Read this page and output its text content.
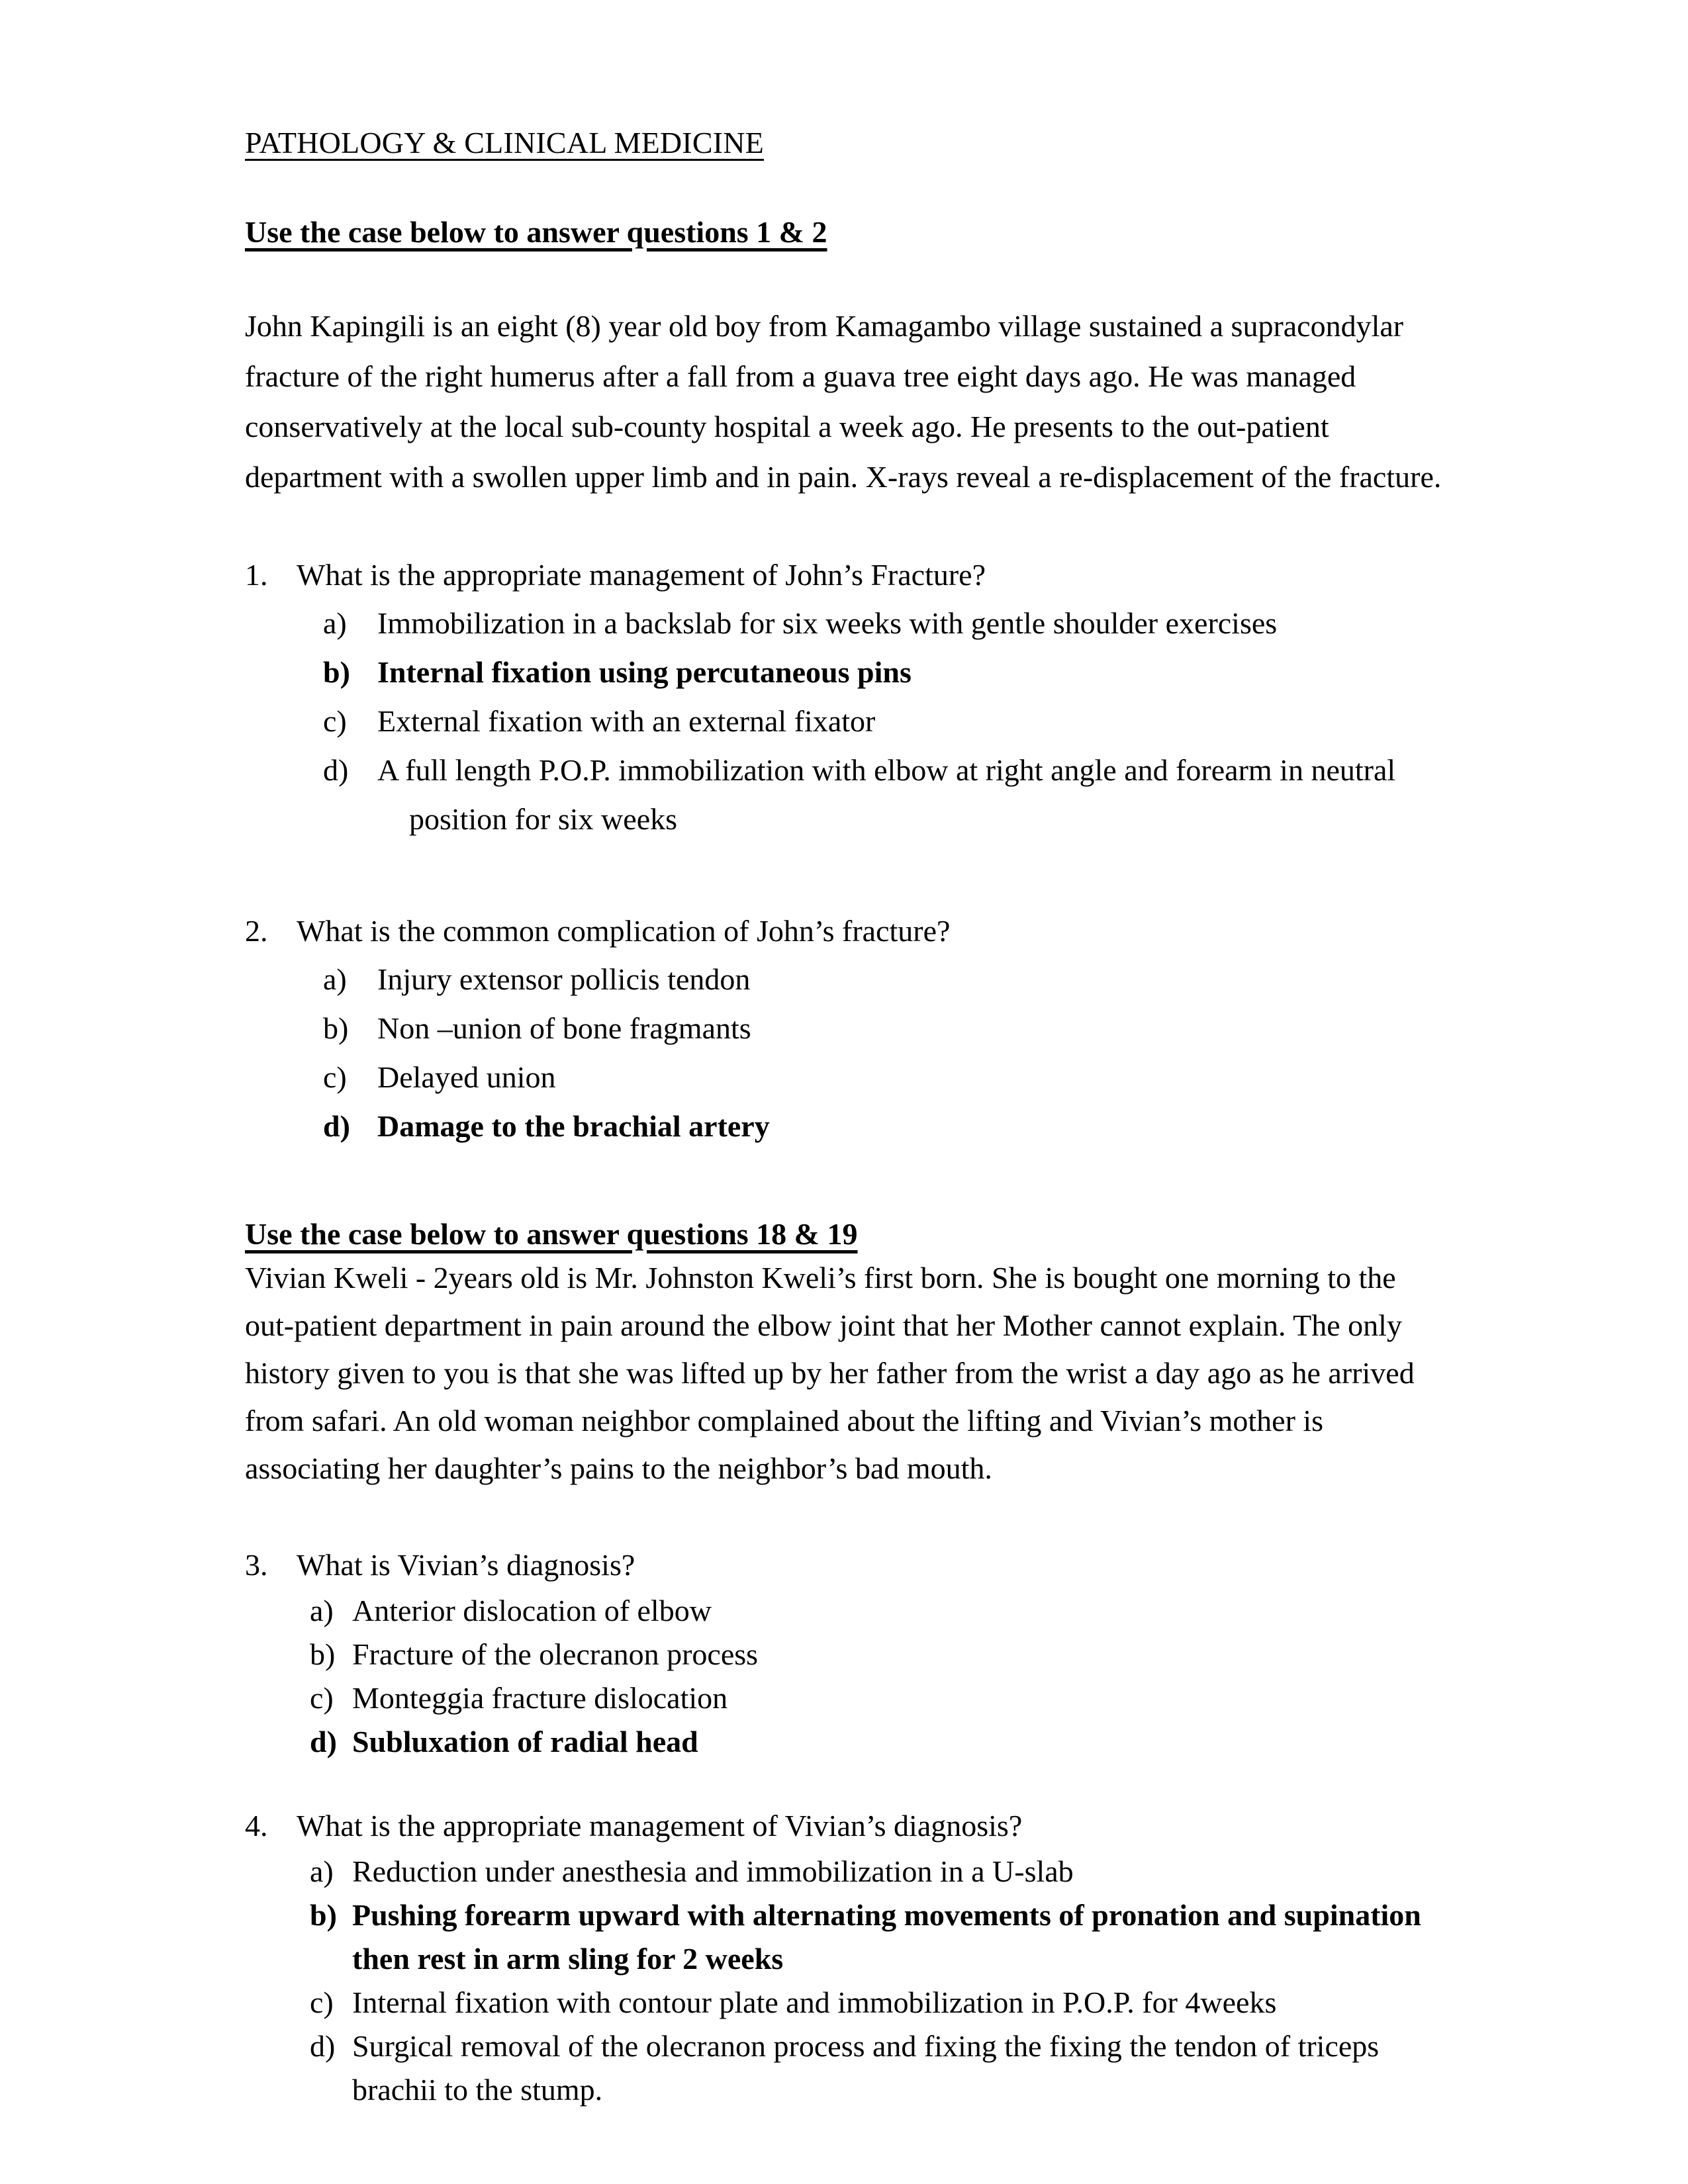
PATHOLOGY & CLINICAL MEDICINE
Use the case below to answer questions 1 & 2

John Kapingili is an eight (8) year old boy from Kamagambo village sustained a supracondylar fracture of the right humerus after a fall from a guava tree eight days ago. He was managed conservatively at the local sub-county hospital a week ago. He presents to the out-patient department with a swollen upper limb and in pain. X-rays reveal a re-displacement of the fracture.

1. What is the appropriate management of John’s Fracture?
a)	Immobilization in a backslab for six weeks with gentle shoulder exercises
b) Internal fixation using percutaneous pins
c)	External fixation with an external fixator
d) A full length P.O.P. immobilization with elbow at right angle and forearm in neutral
position for six weeks
2. What is the common complication of John’s fracture?
a)	Injury extensor pollicis tendon
b) Non –union of bone fragmants
c)	Delayed union
d) Damage to the brachial artery
Use the case below to answer questions 18 & 19

Vivian Kweli - 2years old is Mr. Johnston Kweli’s first born. She is bought one morning to the out-patient department in pain around the elbow joint that her Mother cannot explain. The only history given to you is that she was lifted up by her father from the wrist a day ago as he arrived from safari. An old woman neighbor complained about the lifting and Vivian’s mother is associating her daughter’s pains to the neighbor’s bad mouth.

3. What is Vivian’s diagnosis?
a) Anterior dislocation of elbow
b) Fracture of the olecranon process
c) Monteggia fracture dislocation
d) Subluxation of radial head
4. What is the appropriate management of Vivian’s diagnosis?
a) Reduction under anesthesia and immobilization in a U-slab
b) Pushing forearm upward with alternating movements of pronation and supination then rest in arm sling for 2 weeks
c) Internal fixation with contour plate and immobilization in P.O.P. for 4weeks
d) Surgical removal of the olecranon process and fixing the fixing the tendon of triceps brachii to the stump.
